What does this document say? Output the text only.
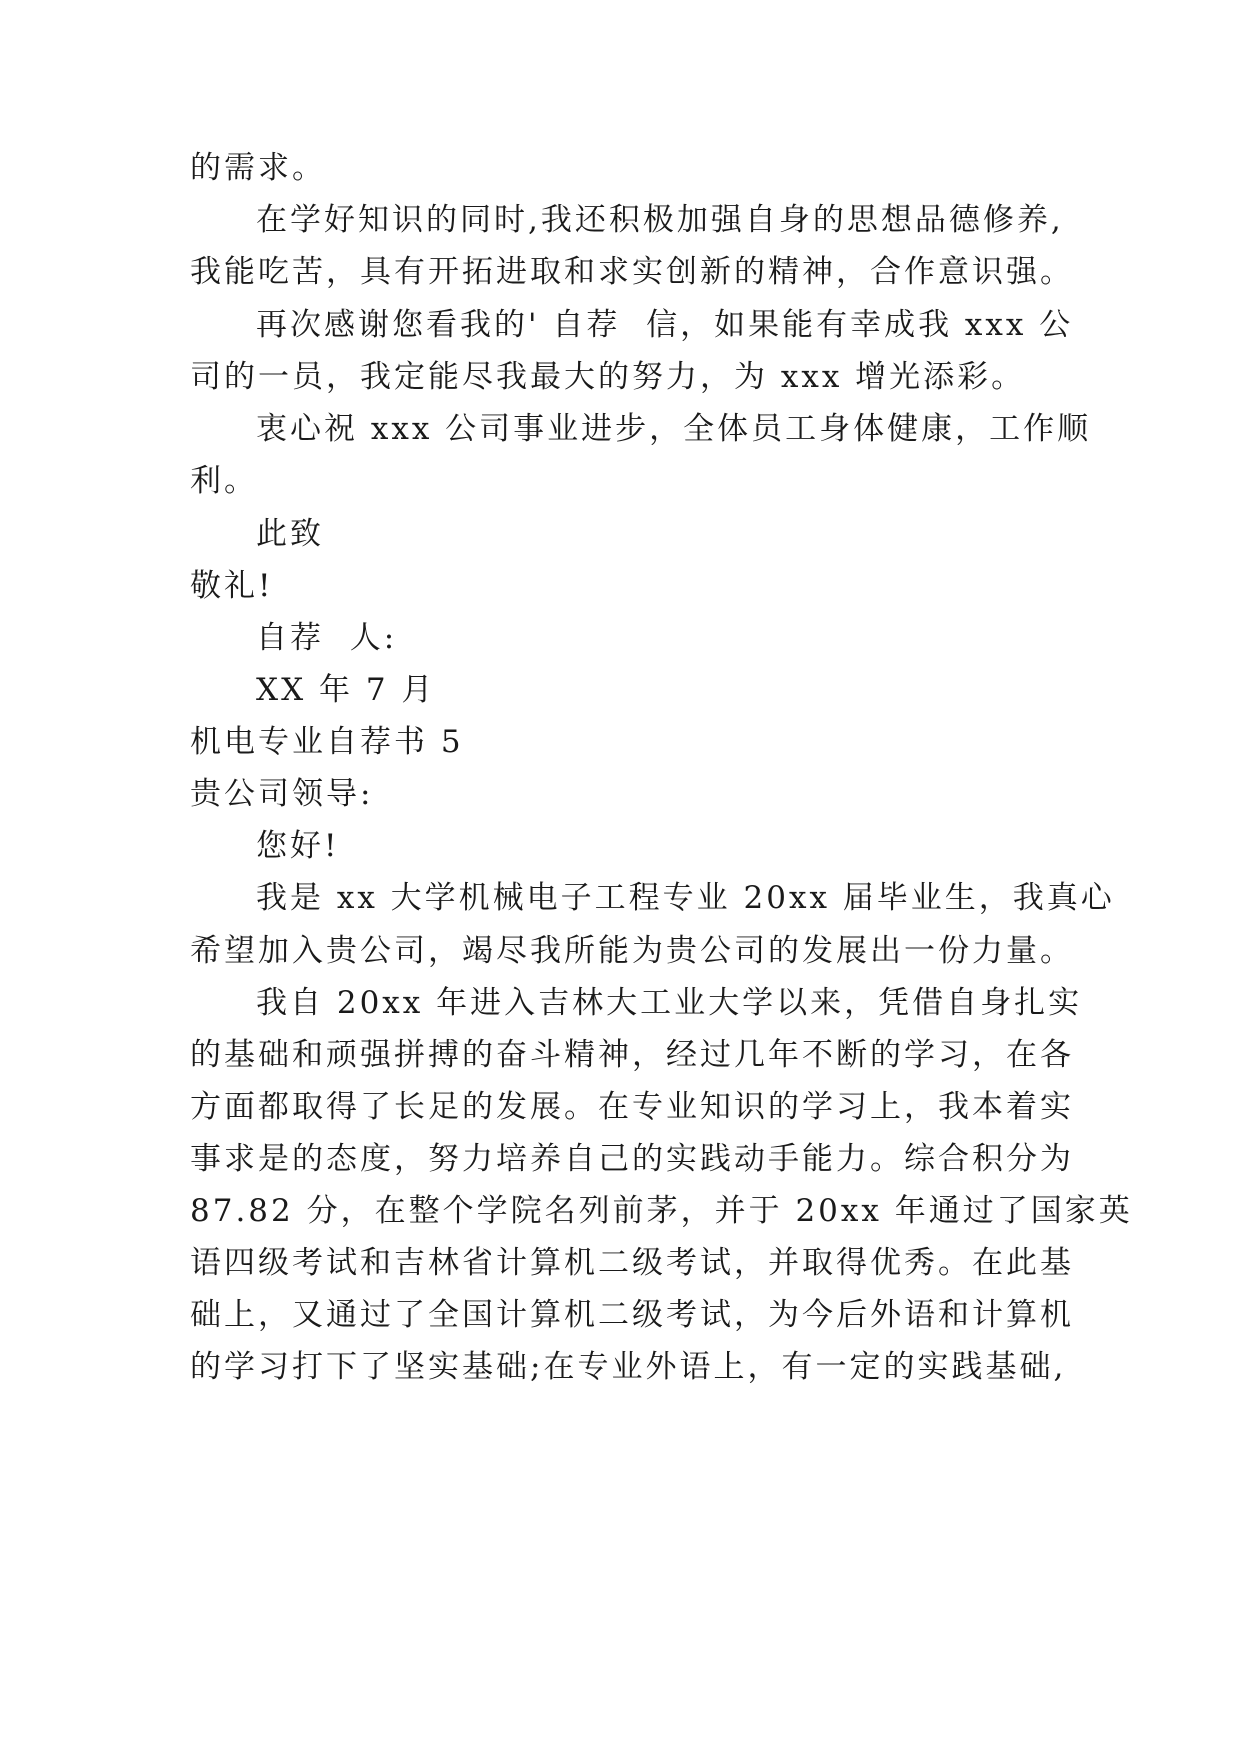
的需求。
在学好知识的同时,我还积极加强自身的思想品德修养,
我能吃苦，具有开拓进取和求实创新的精神，合作意识强。
再次感谢您看我的' 自荐  信，如果能有幸成我 xxx 公
司的一员，我定能尽我最大的努力，为 xxx 增光添彩。
衷心祝 xxx 公司事业进步，全体员工身体健康，工作顺
利。
此致
敬礼!
自荐  人:
XX 年 7 月
机电专业自荐书 5
贵公司领导:
您好!
我是 xx 大学机械电子工程专业 20xx 届毕业生，我真心
希望加入贵公司，竭尽我所能为贵公司的发展出一份力量。
我自 20xx 年进入吉林大工业大学以来，凭借自身扎实
的基础和顽强拼搏的奋斗精神，经过几年不断的学习，在各
方面都取得了长足的发展。在专业知识的学习上，我本着实
事求是的态度，努力培养自己的实践动手能力。综合积分为
87.82 分，在整个学院名列前茅，并于 20xx 年通过了国家英
语四级考试和吉林省计算机二级考试，并取得优秀。在此基
础上，又通过了全国计算机二级考试，为今后外语和计算机
的学习打下了坚实基础;在专业外语上，有一定的实践基础,
